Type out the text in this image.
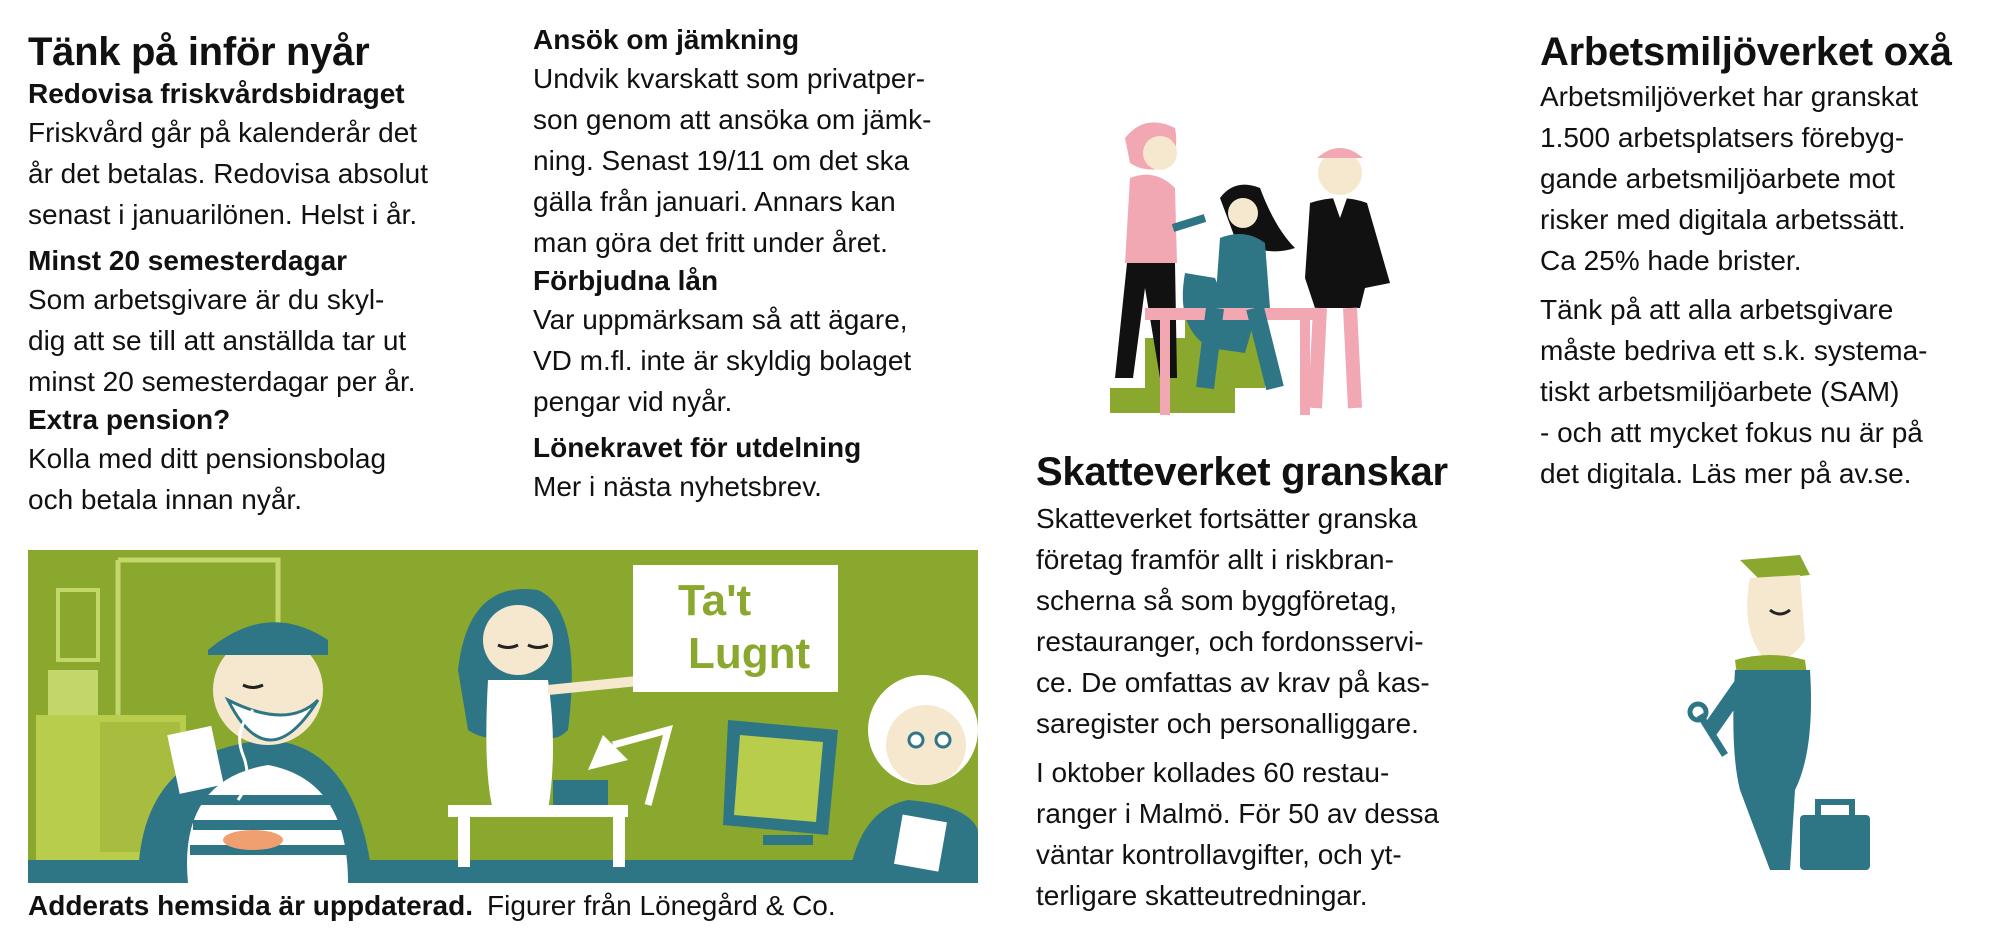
Tänk på inför nyår
Redovisa friskvårdsbidraget

Friskvård går på kalenderår det

år det betalas. Redovisa absolut

senast i januarilönen. Helst i år.

Minst 20 semesterdagar

Som arbetsgivare är du skyl-

dig att se till att anställda tar ut

minst 20 semesterdagar per år.

Extra pension?

Kolla med ditt pensionsbolag

och betala innan nyår.

Ansök om jämkning

Undvik kvarskatt som privatper-

son genom att ansöka om jämk-

ning. Senast 19/11 om det ska

gälla från januari. Annars kan

man göra det fritt under året.

Förbjudna lån

Var uppmärksam så att ägare,

VD m.fl. inte är skyldig bolaget

pengar vid nyår.

Lönekravet för utdelning

Mer i nästa nyhetsbrev.	Skatteverket granskar

Skatteverket fortsätter granska

företag framför allt i riskbran-

scherna så som byggföretag,

restauranger, och fordonsservi-

ce. De omfattas av krav på kas-

saregister och personalliggare.

I oktober kollades 60 restau-

ranger i Malmö. För 50 av dessa

väntar kontrollavgifter, och yt-

terligare skatteutredningar.

Arbetsmiljöverket oxå

Arbetsmiljöverket har granskat

1.500 arbetsplatsers förebyg-

gande arbetsmiljöarbete mot

risker med digitala arbetssätt.

Ca 25% hade brister.

Tänk på att alla arbetsgivare

måste bedriva ett s.k. systema-

tiskt arbetsmiljöarbete (SAM)

- och att mycket fokus nu är på

det digitala. Läs mer på av.se.

Ta't
Lugnt
Adderats hemsida är uppdaterad. Figurer från Lönegård & Co.
